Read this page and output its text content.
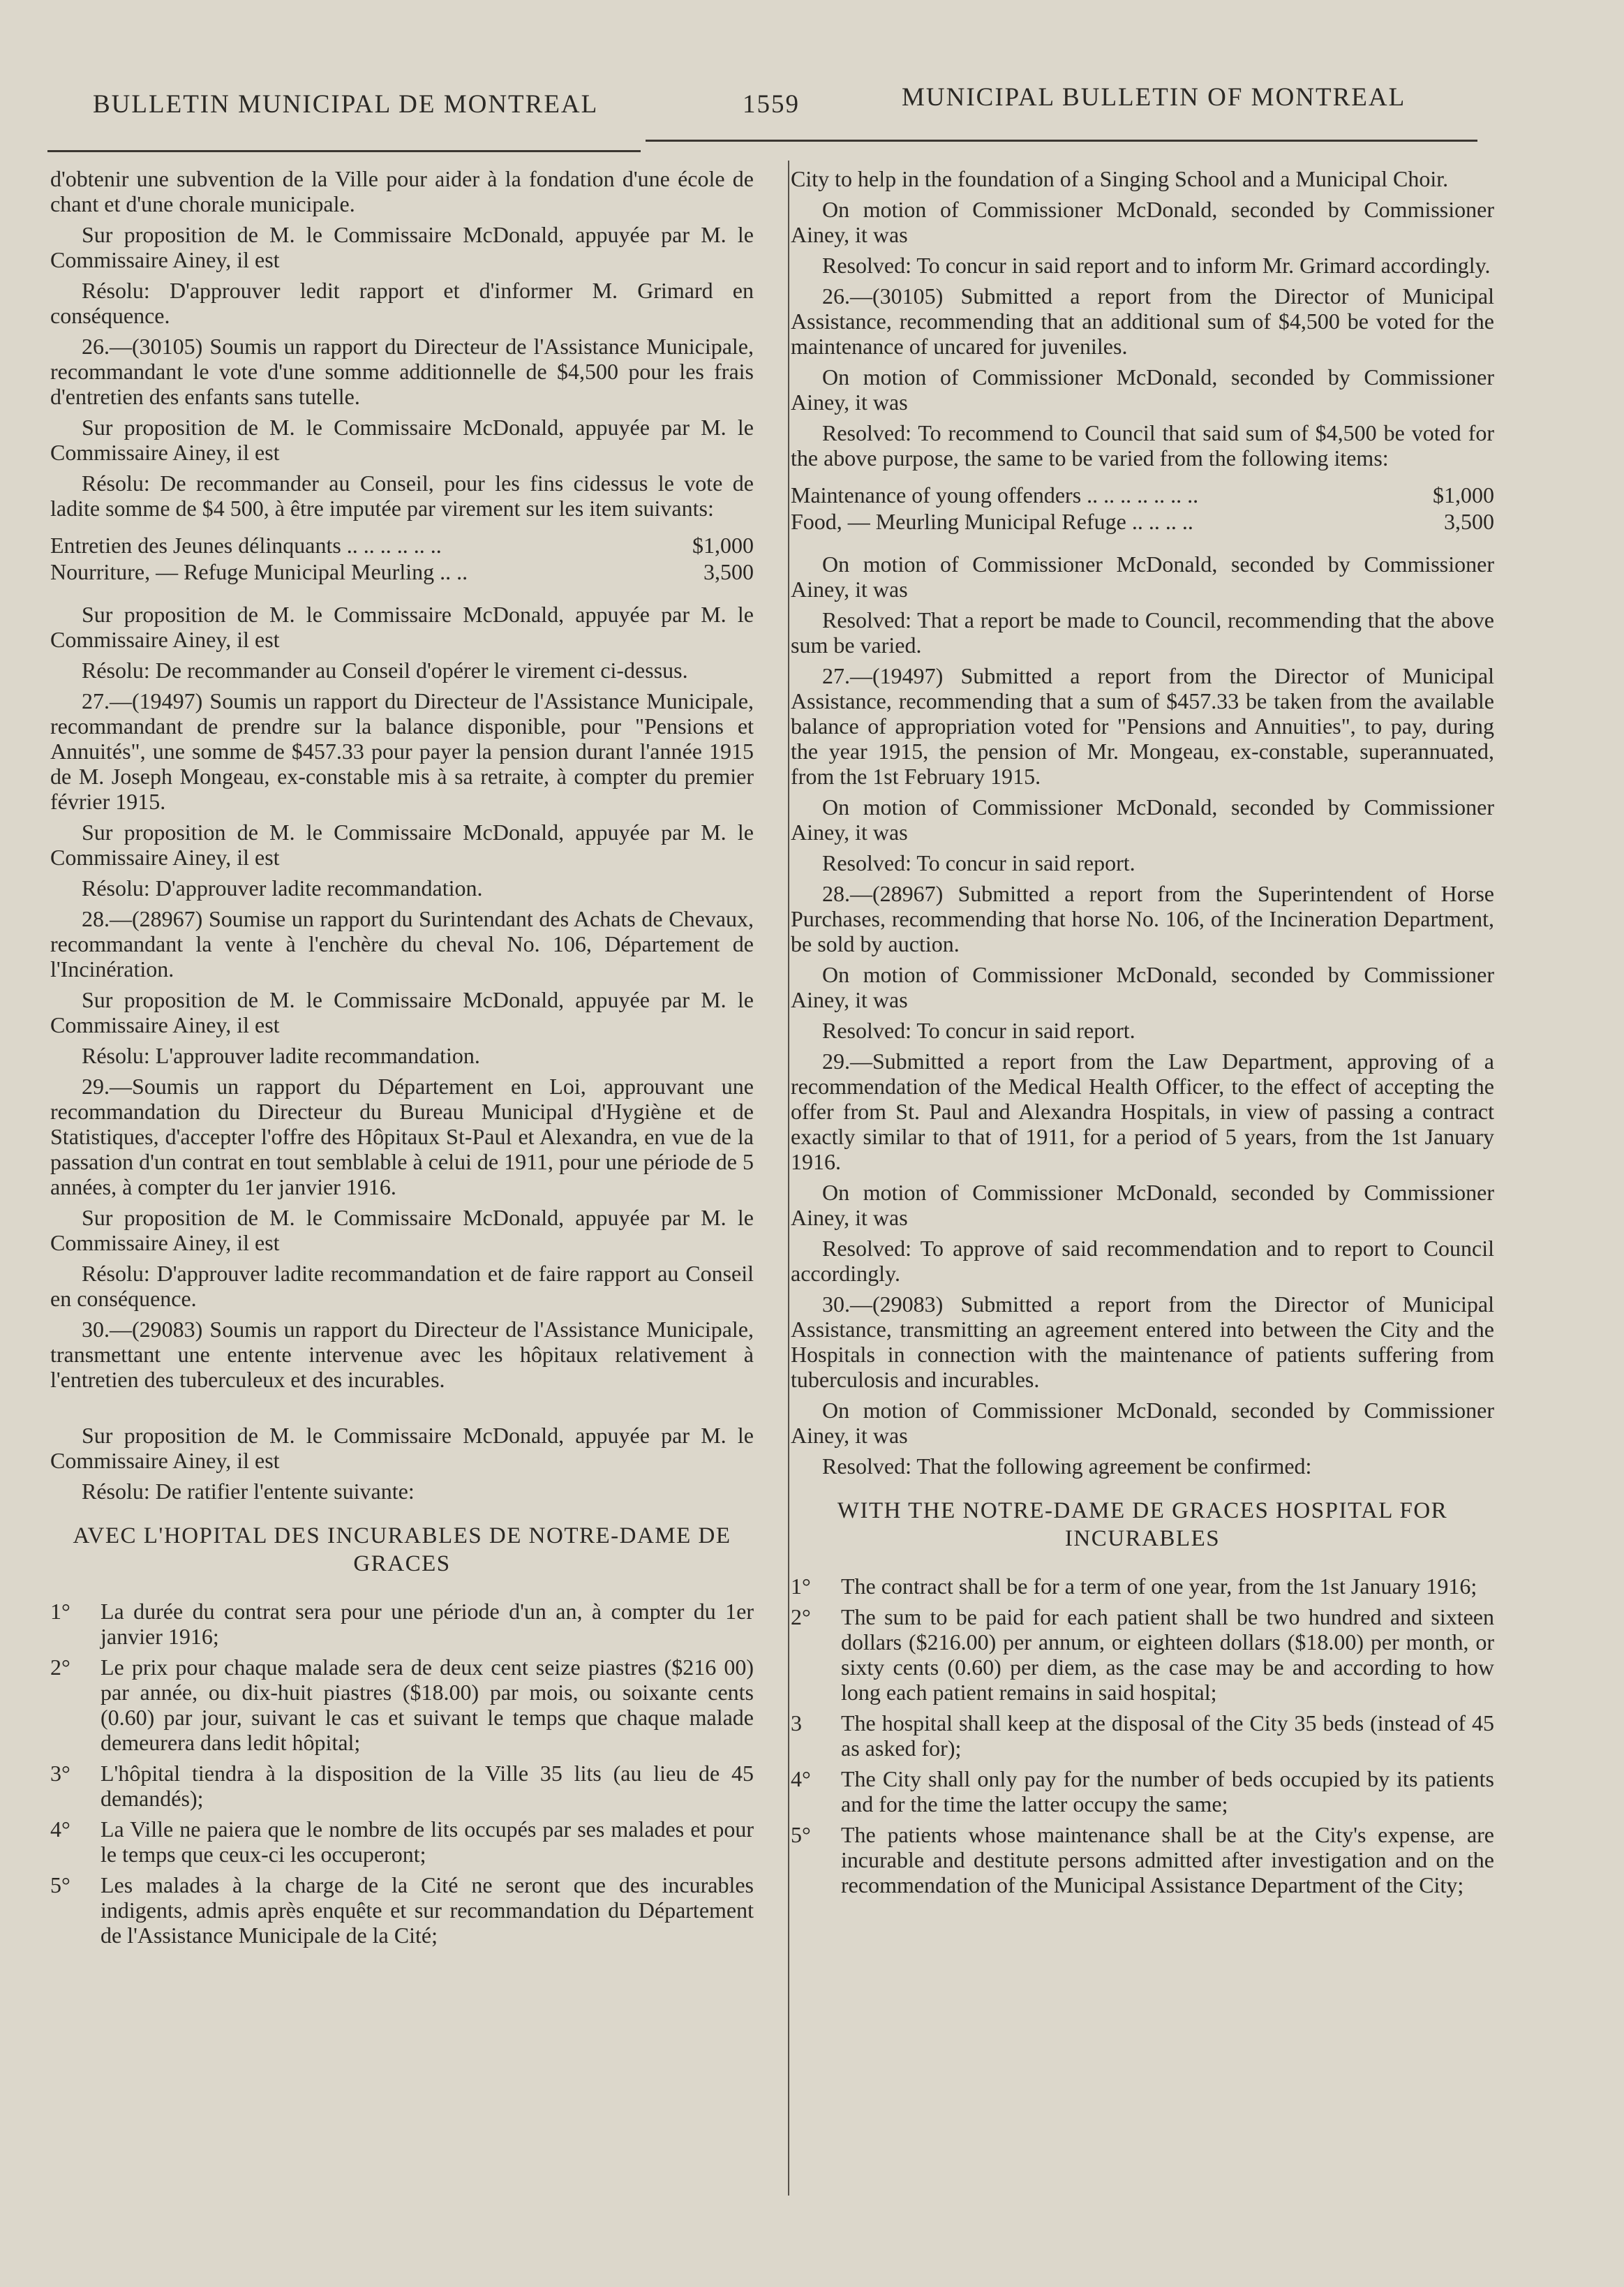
BULLETIN MUNICIPAL DE MONTREAL	1559	MUNICIPAL BULLETIN OF MONTREAL

d'obtenir une subvention de la Ville pour aider à la fondation d'une école de chant et d'une chorale municipale.

Sur proposition de M. le Commissaire McDonald, appuyée par M. le Commissaire Ainey, il est

Résolu: D'approuver ledit rapport et d'informer M. Grimard en conséquence.

26.—(30105) Soumis un rapport du Directeur de l'Assistance Municipale, recommandant le vote d'une somme additionnelle de $4,500 pour les frais d'entretien des enfants sans tutelle.

Sur proposition de M. le Commissaire McDonald, appuyée par M. le Commissaire Ainey, il est

Résolu: De recommander au Conseil, pour les fins cidessus le vote de ladite somme de $4 500, à être imputée par virement sur les item suivants:

Entretien des Jeunes délinquants .. .. .. .. .. ..	$1,000
Nourriture, — Refuge Municipal Meurling .. ..	3,500

Sur proposition de M. le Commissaire McDonald, appuyée par M. le Commissaire Ainey, il est

Résolu: De recommander au Conseil d'opérer le virement ci-dessus.

27.—(19497) Soumis un rapport du Directeur de l'Assistance Municipale, recommandant de prendre sur la balance disponible, pour "Pensions et Annuités", une somme de $457.33 pour payer la pension durant l'année 1915 de M. Joseph Mongeau, ex-constable mis à sa retraite, à compter du premier février 1915.

Sur proposition de M. le Commissaire McDonald, appuyée par M. le Commissaire Ainey, il est

Résolu: D'approuver ladite recommandation.

28.—(28967) Soumise un rapport du Surintendant des Achats de Chevaux, recommandant la vente à l'enchère du cheval No. 106, Département de l'Incinération.

Sur proposition de M. le Commissaire McDonald, appuyée par M. le Commissaire Ainey, il est

Résolu: L'approuver ladite recommandation.

29.—Soumis un rapport du Département en Loi, approuvant une recommandation du Directeur du Bureau Municipal d'Hygiène et de Statistiques, d'accepter l'offre des Hôpitaux St-Paul et Alexandra, en vue de la passation d'un contrat en tout semblable à celui de 1911, pour une période de 5 années, à compter du 1er janvier 1916.

Sur proposition de M. le Commissaire McDonald, appuyée par M. le Commissaire Ainey, il est

Résolu: D'approuver ladite recommandation et de faire rapport au Conseil en conséquence.

30.—(29083) Soumis un rapport du Directeur de l'Assistance Municipale, transmettant une entente intervenue avec les hôpitaux relativement à l'entretien des tuberculeux et des incurables.

Sur proposition de M. le Commissaire McDonald, appuyée par M. le Commissaire Ainey, il est

Résolu: De ratifier l'entente suivante:

AVEC L'HOPITAL DES INCURABLES DE NOTRE-DAME DE GRACES
1°	La durée du contrat sera pour une période d'un an, à compter du 1er janvier 1916;
2°	Le prix pour chaque malade sera de deux cent seize piastres ($216 00) par année, ou dix-huit piastres ($18.00) par mois, ou soixante cents (0.60) par jour, suivant le cas et suivant le temps que chaque malade demeurera dans ledit hôpital;
3°	L'hôpital tiendra à la disposition de la Ville 35 lits (au lieu de 45 demandés);
4°	La Ville ne paiera que le nombre de lits occupés par ses malades et pour le temps que ceux-ci les occuperont;
5°	Les malades à la charge de la Cité ne seront que des incurables indigents, admis après enquête et sur recommandation du Département de l'Assistance Municipale de la Cité;

City to help in the foundation of a Singing School and a Municipal Choir.

On motion of Commissioner McDonald, seconded by Commissioner Ainey, it was

Resolved: To concur in said report and to inform Mr. Grimard accordingly.

26.—(30105) Submitted a report from the Director of Municipal Assistance, recommending that an additional sum of $4,500 be voted for the maintenance of uncared for juveniles.

On motion of Commissioner McDonald, seconded by Commissioner Ainey, it was

Resolved: To recommend to Council that said sum of $4,500 be voted for the above purpose, the same to be varied from the following items:

Maintenance of young offenders .. .. .. .. .. .. ..	$1,000
Food, — Meurling Municipal Refuge .. .. .. ..	3,500

On motion of Commissioner McDonald, seconded by Commissioner Ainey, it was

Resolved: That a report be made to Council, recommending that the above sum be varied.

27.—(19497) Submitted a report from the Director of Municipal Assistance, recommending that a sum of $457.33 be taken from the available balance of appropriation voted for "Pensions and Annuities", to pay, during the year 1915, the pension of Mr. Mongeau, ex-constable, superannuated, from the 1st February 1915.

On motion of Commissioner McDonald, seconded by Commissioner Ainey, it was

Resolved: To concur in said report.

28.—(28967) Submitted a report from the Superintendent of Horse Purchases, recommending that horse No. 106, of the Incineration Department, be sold by auction.

On motion of Commissioner McDonald, seconded by Commissioner Ainey, it was

Resolved: To concur in said report.

29.—Submitted a report from the Law Department, approving of a recommendation of the Medical Health Officer, to the effect of accepting the offer from St. Paul and Alexandra Hospitals, in view of passing a contract exactly similar to that of 1911, for a period of 5 years, from the 1st January 1916.

On motion of Commissioner McDonald, seconded by Commissioner Ainey, it was

Resolved: To approve of said recommendation and to report to Council accordingly.

30.—(29083) Submitted a report from the Director of Municipal Assistance, transmitting an agreement entered into between the City and the Hospitals in connection with the maintenance of patients suffering from tuberculosis and incurables.

On motion of Commissioner McDonald, seconded by Commissioner Ainey, it was

Resolved: That the following agreement be confirmed:

WITH THE NOTRE-DAME DE GRACES HOSPITAL FOR INCURABLES
1°	The contract shall be for a term of one year, from the 1st January 1916;
2°	The sum to be paid for each patient shall be two hundred and sixteen dollars ($216.00) per annum, or eighteen dollars ($18.00) per month, or sixty cents (0.60) per diem, as the case may be and according to how long each patient remains in said hospital;
3	The hospital shall keep at the disposal of the City 35 beds (instead of 45 as asked for);
4°	The City shall only pay for the number of beds occupied by its patients and for the time the latter occupy the same;
5°	The patients whose maintenance shall be at the City's expense, are incurable and destitute persons admitted after investigation and on the recommendation of the Municipal Assistance Department of the City;
